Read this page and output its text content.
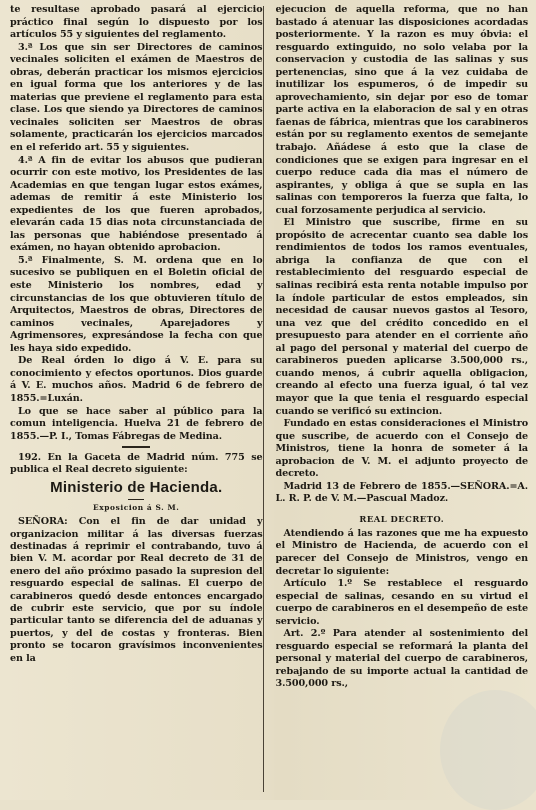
te resultase aprobado pasará al ejercicio práctico final según lo dispuesto por los artículos 55 y siguientes del reglamento.

3.ª Los que sin ser Directores de caminos vecinales soliciten el exámen de Maestros de obras, deberán practicar los mismos ejercicios en igual forma que los anteriores y de las materias que previene el reglamento para esta clase. Los que siendo ya Directores de caminos vecinales soliciten ser Maestros de obras solamente, practicarán los ejercicios marcados en el referido art. 55 y siguientes.

4.ª A fin de evitar los abusos que pudieran ocurrir con este motivo, los Presidentes de las Academias en que tengan lugar estos exámes, ademas de remitir á este Ministerio los expedientes de los que fueren aprobados, elevarán cada 15 dias nota circunstanciada de las personas que habiéndose presentado á exámen, no hayan obtenido aprobacion.

5.ª Finalmente, S. M. ordena que en lo sucesivo se publiquen en el Boletin oficial de este Ministerio los nombres, edad y circunstancias de los que obtuvieren título de Arquitectos, Maestros de obras, Directores de caminos vecinales, Aparejadores y Agrimensores, expresándose la fecha con que les haya sido expedido.

De Real órden lo digo á V. E. para su conocimiento y efectos oportunos. Dios guarde á V. E. muchos años. Madrid 6 de febrero de 1855.=Luxán.

Lo que se hace saber al público para la comun inteligencia. Huelva 21 de febrero de 1855.—P. I., Tomas Fábregas de Medina.

192. En la Gaceta de Madrid núm. 775 se publica el Real decreto siguiente:

Ministerio de Hacienda.
Exposicion á S. M.

SEÑORA: Con el fin de dar unidad y organizacion militar á las diversas fuerzas destinadas á reprimir el contrabando, tuvo á bien V. M. acordar por Real decreto de 31 de enero del año próximo pasado la supresion del resguardo especial de salinas. El cuerpo de carabineros quedó desde entonces encargado de cubrir este servicio, que por su índole particular tanto se diferencia del de aduanas y puertos, y del de costas y fronteras. Bien pronto se tocaron gravísimos inconvenientes en la

ejecucion de aquella reforma, que no han bastado á atenuar las disposiciones acordadas posteriormente. Y la razon es muy óbvia: el resguardo extinguido, no solo velaba por la conservacion y custodia de las salinas y sus pertenencias, sino que á la vez cuidaba de inutilizar los espumeros, ó de impedir su aprovechamiento, sin dejar por eso de tomar parte activa en la elaboracion de sal y en otras faenas de fábrica, mientras que los carabineros están por su reglamento exentos de semejante trabajo. Añádese á esto que la clase de condiciones que se exigen para ingresar en el cuerpo reduce cada dia mas el número de aspirantes, y obliga á que se supla en las salinas con temporeros la fuerza que falta, lo cual forzosamente perjudica al servicio.

El Ministro que suscribe, firme en su propósito de acrecentar cuanto sea dable los rendimientos de todos los ramos eventuales, abriga la confianza de que con el restablecimiento del resguardo especial de salinas recibirá esta renta notable impulso por la índole particular de estos empleados, sin necesidad de causar nuevos gastos al Tesoro, una vez que del crédito concedido en el presupuesto para atender en el corriente año al pago del personal y material del cuerpo de carabineros pueden aplicarse 3.500,000 rs., cuando menos, á cubrir aquella obligacion, creando al efecto una fuerza igual, ó tal vez mayor que la que tenia el resguardo especial cuando se verificó su extincion.

Fundado en estas consideraciones el Ministro que suscribe, de acuerdo con el Consejo de Ministros, tiene la honra de someter á la aprobacion de V. M. el adjunto proyecto de decreto.

Madrid 13 de Febrero de 1855.—SEÑORA.=A. L. R. P. de V. M.—Pascual Madoz.

REAL DECRETO.

Atendiendo á las razones que me ha expuesto el Ministro de Hacienda, de acuerdo con el parecer del Consejo de Ministros, vengo en decretar lo siguiente:

Artículo 1.º Se restablece el resguardo especial de salinas, cesando en su virtud el cuerpo de carabineros en el desempeño de este servicio.

Art. 2.º Para atender al sostenimiento del resguardo especial se reformará la planta del personal y material del cuerpo de carabineros, rebajando de su importe actual la cantidad de 3.500,000 rs.,
